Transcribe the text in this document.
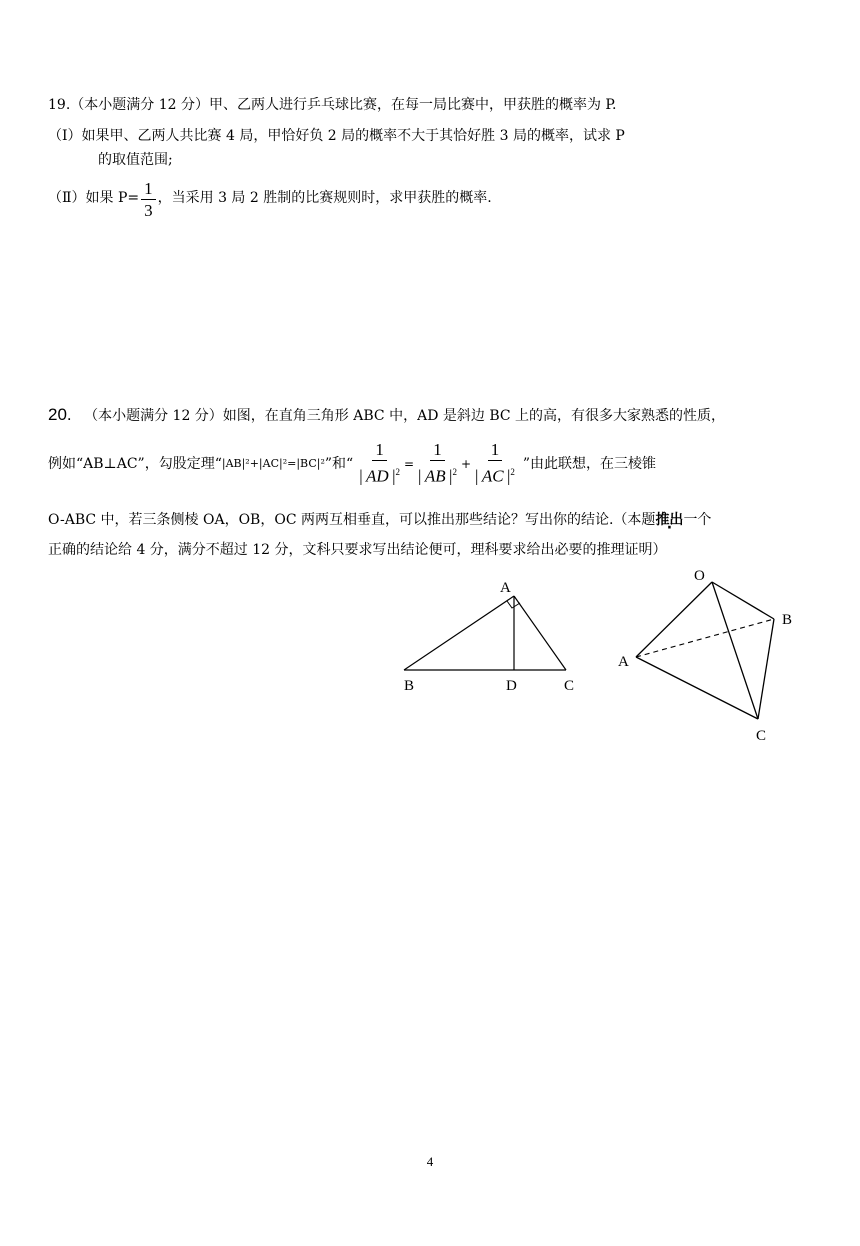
19.（本小题满分 12 分）甲、乙两人进行乒乓球比赛，在每一局比赛中，甲获胜的概率为 P.
（Ⅰ）如果甲、乙两人共比赛 4 局，甲恰好负 2 局的概率不大于其恰好胜 3 局的概率，试求 P
的取值范围;
（Ⅱ）如果 $P= \frac{1}{3}$ ，当采用 3 局 2 胜制的比赛规则时，求甲获胜的概率.
20. （本小题满分 12 分）如图，在直角三角形 ABC 中，AD 是斜边 BC 上的高，有很多大家熟悉的性质，
例如“AB⊥AC”，勾股定理“ |AB|²+|AC|²=|BC|² ”和“ $\frac{1}{| AD |^2} = \frac{1}{| AB |^2} + \frac{1}{| AC |^2}$ ”由此联想，在三棱锥
O-ABC 中，若三条侧棱 OA，OB，OC 两两互相垂直，可以推出那些结论？写出你的结论.（本题推出一个
正确的结论给 4 分，满分不超过 12 分，文科只要求写出结论便可，理科要求给出必要的推理证明）
A
B	D	C
O
A
B
C
4
